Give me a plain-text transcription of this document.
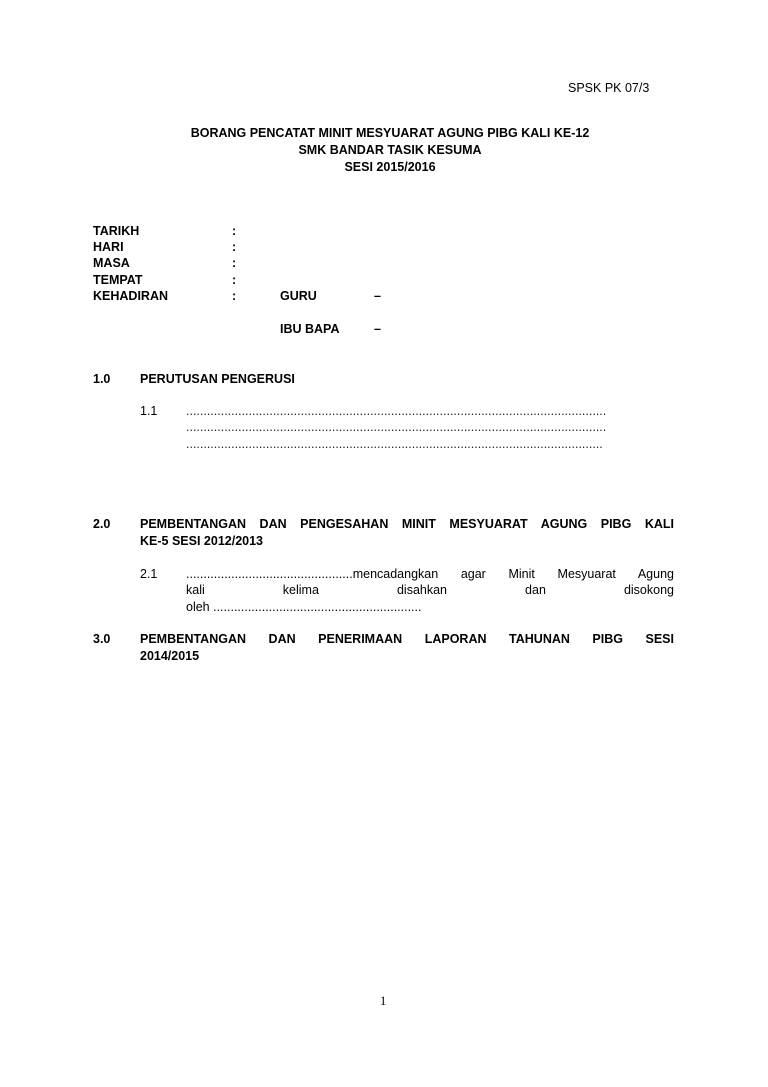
SPSK PK 07/3
BORANG PENCATAT MINIT MESYUARAT AGUNG PIBG KALI KE-12
SMK BANDAR TASIK KESUMA
SESI 2015/2016
TARIKH	:
HARI	:
MASA	:
TEMPAT	:
KEHADIRAN	:	GURU	–
IBU BAPA	–
1.0 PERUTUSAN PENGERUSI
1.1 .........................................................................................................................
.........................................................................................................................
........................................................................................................................
2.0 PEMBENTANGAN DAN PENGESAHAN MINIT MESYUARAT AGUNG PIBG KALI
KE-5 SESI 2012/2013
2.1 ................................................mencadangkan agar Minit Mesyuarat Agung
kali kelima disahkan dan disokong
oleh ............................................................
3.0 PEMBENTANGAN DAN PENERIMAAN LAPORAN TAHUNAN PIBG SESI
2014/2015
1
